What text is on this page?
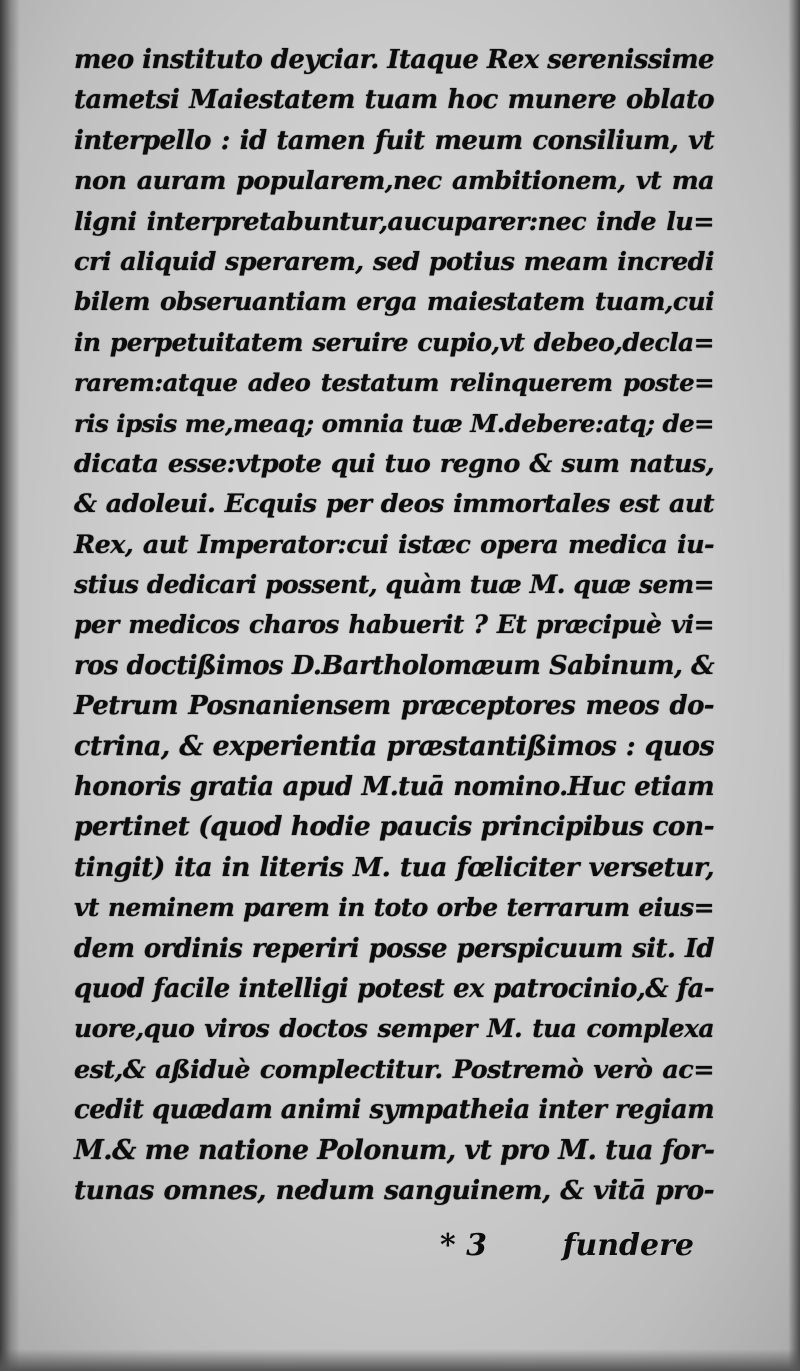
meo instituto deyciar. Itaque Rex serenissime
tametsi Maiestatem tuam hoc munere oblato
interpello : id tamen fuit meum consilium, vt
non auram popularem,nec ambitionem, vt ma
ligni interpretabuntur,aucuparer:nec inde lu=
cri aliquid sperarem, sed potius meam incredi
bilem obseruantiam erga maiestatem tuam,cui
in perpetuitatem seruire cupio,vt debeo,decla=
rarem:atque adeo testatum relinquerem poste=
ris ipsis me,meaq; omnia tuæ M.debere:atq; de=
dicata esse:vtpote qui tuo regno & sum natus,
& adoleui. Ecquis per deos immortales est aut
Rex, aut Imperator:cui istæc opera medica iu-
stius dedicari possent, quàm tuæ M. quæ sem=
per medicos charos habuerit ? Et præcipuè vi=
ros doctißimos D.Bartholomæum Sabinum, &
Petrum Posnaniensem præceptores meos do-
ctrina, & experientia præstantißimos : quos
honoris gratia apud M.tuā nomino.Huc etiam
pertinet (quod hodie paucis principibus con-
tingit) ita in literis M. tua fœliciter versetur,
vt neminem parem in toto orbe terrarum eius=
dem ordinis reperiri posse perspicuum sit. Id
quod facile intelligi potest ex patrocinio,& fa-
uore,quo viros doctos semper M. tua complexa
est,& aßiduè complectitur. Postremò verò ac=
cedit quædam animi sympatheia inter regiam
M.& me natione Polonum, vt pro M. tua for-
tunas omnes, nedum sanguinem, & vitā pro-
* 3	fundere
